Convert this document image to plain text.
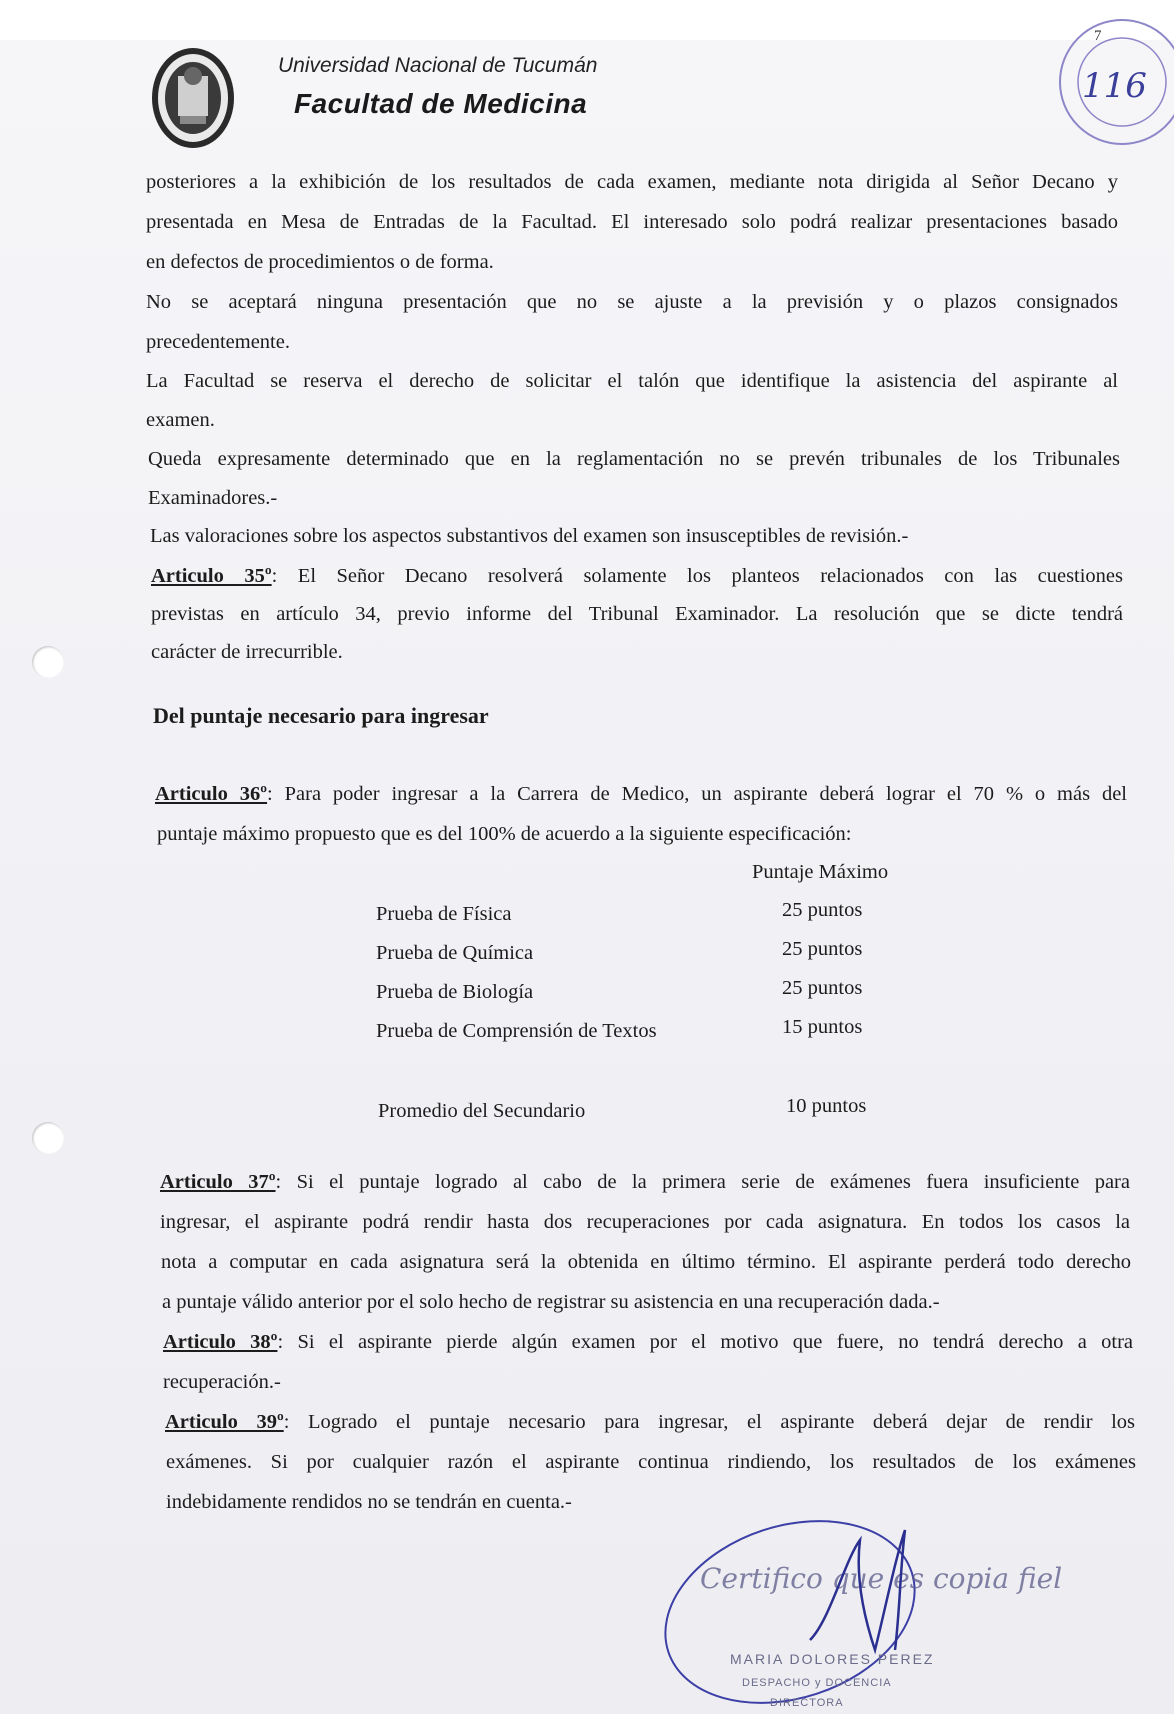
Universidad Nacional de Tucumán
Facultad de Medicina
7
116
posteriores a la exhibición de los resultados de cada examen, mediante nota dirigida al Señor Decano y
presentada en Mesa de Entradas de la Facultad. El interesado solo podrá realizar presentaciones basado
en defectos de procedimientos o de forma.
No se aceptará ninguna presentación que no se ajuste a la previsión y o plazos consignados
precedentemente.
La Facultad se reserva el derecho de solicitar el talón que identifique la asistencia del aspirante al
examen.
Queda expresamente determinado que en la reglamentación no se prevén tribunales de los Tribunales
Examinadores.-
Las valoraciones sobre los aspectos substantivos del examen son insusceptibles de revisión.-
Articulo 35º: El Señor Decano resolverá solamente los planteos relacionados con las cuestiones
previstas en artículo 34, previo informe del Tribunal Examinador. La resolución que se dicte tendrá
carácter de irrecurrible.
Del puntaje necesario para ingresar
Articulo 36º: Para poder ingresar a la Carrera de Medico, un aspirante deberá lograr el 70 % o más del
puntaje máximo propuesto que es del 100% de acuerdo a la siguiente especificación:
Puntaje Máximo
Prueba de Física	25 puntos
Prueba de Química	25 puntos
Prueba de Biología	25 puntos
Prueba de Comprensión de Textos	15 puntos
Promedio del Secundario	10 puntos
Articulo 37º: Si el puntaje logrado al cabo de la primera serie de exámenes fuera insuficiente para
ingresar, el aspirante podrá rendir hasta dos recuperaciones por cada asignatura. En todos los casos la
nota a computar en cada asignatura será la obtenida en último término. El aspirante perderá todo derecho
a puntaje válido anterior por el solo hecho de registrar su asistencia en una recuperación dada.-
Articulo 38º: Si el aspirante pierde algún examen por el motivo que fuere, no tendrá derecho a otra
recuperación.-
Articulo 39º: Logrado el puntaje necesario para ingresar, el aspirante deberá dejar de rendir los
exámenes. Si por cualquier razón el aspirante continua rindiendo, los resultados de los exámenes
indebidamente rendidos no se tendrán en cuenta.-
Certifico que es copia fiel
MARIA DOLORES PEREZ
DESPACHO y DOCENCIA
DIRECTORA
